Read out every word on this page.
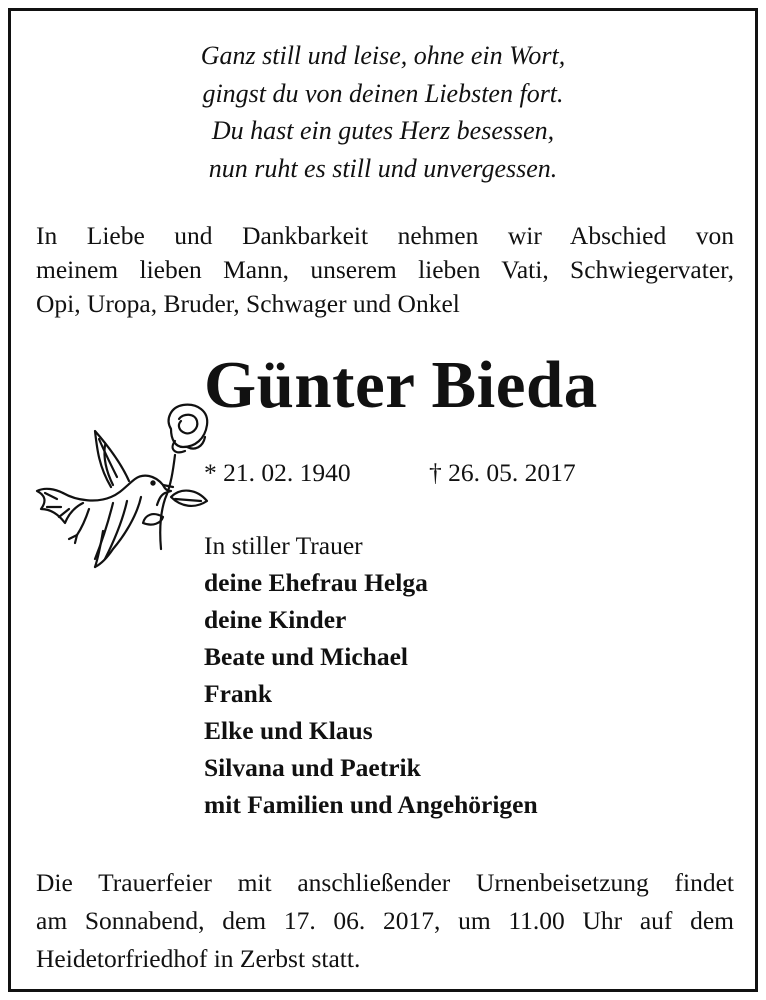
Ganz still und leise, ohne ein Wort,
gingst du von deinen Liebsten fort.
Du hast ein gutes Herz besessen,
nun ruht es still und unvergessen.
In Liebe und Dankbarkeit nehmen wir Abschied von
meinem lieben Mann, unserem lieben Vati, Schwiegervater,
Opi, Uropa, Bruder, Schwager und Onkel
Günter Bieda
* 21. 02. 1940	† 26. 05. 2017
In stiller Trauer
deine Ehefrau Helga
deine Kinder
Beate und Michael
Frank
Elke und Klaus
Silvana und Paetrik
mit Familien und Angehörigen
Die Trauerfeier mit anschließender Urnenbeisetzung findet
am Sonnabend, dem 17. 06. 2017, um 11.00 Uhr auf dem
Heidetorfriedhof in Zerbst statt.
